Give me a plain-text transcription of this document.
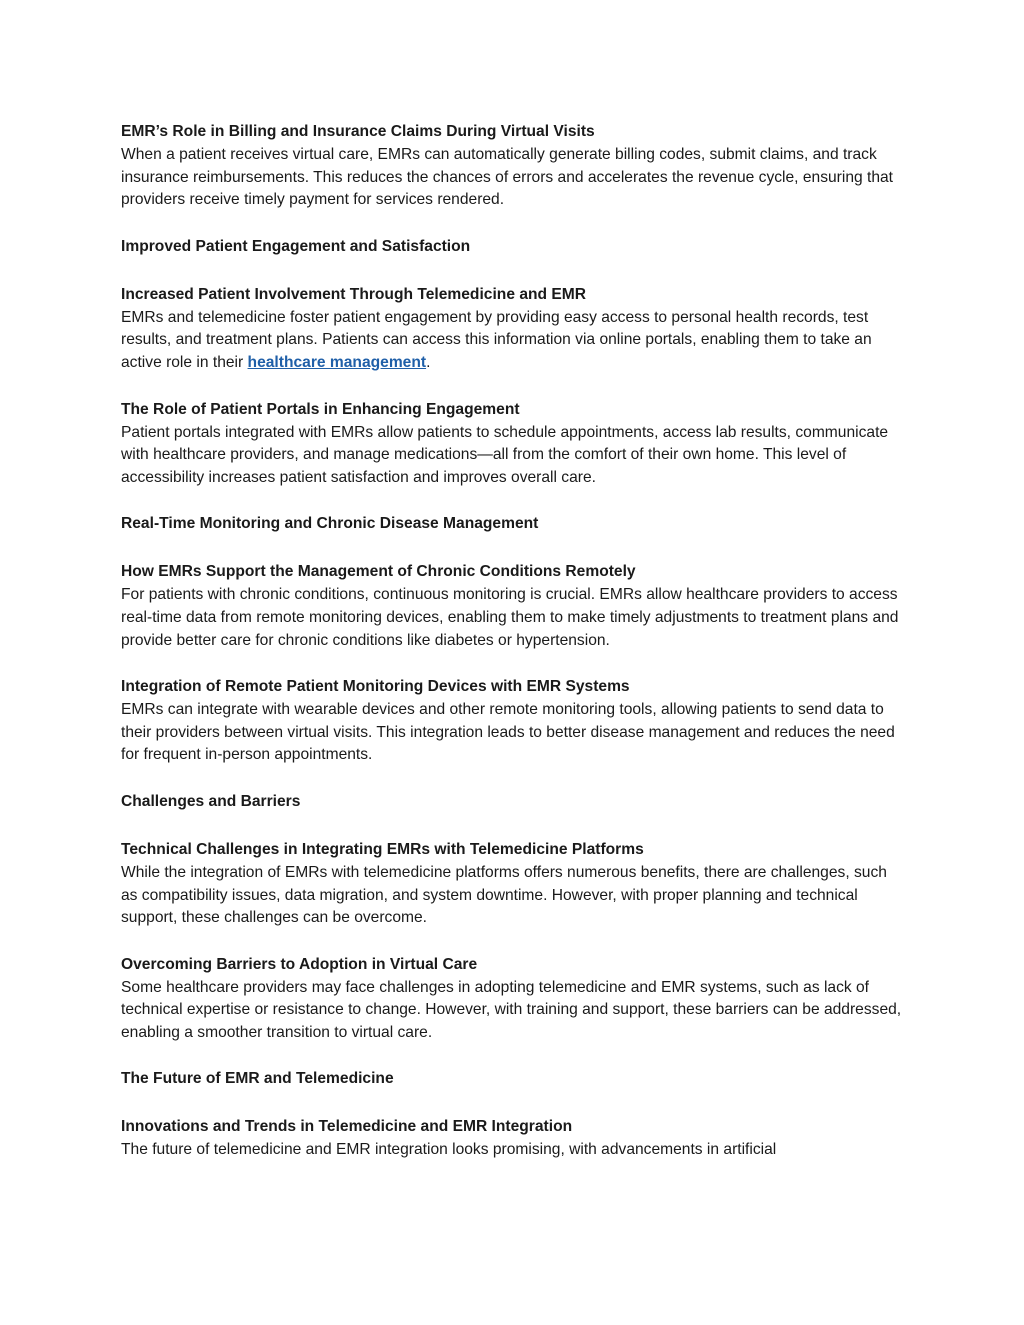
EMR’s Role in Billing and Insurance Claims During Virtual Visits
When a patient receives virtual care, EMRs can automatically generate billing codes, submit claims, and track insurance reimbursements. This reduces the chances of errors and accelerates the revenue cycle, ensuring that providers receive timely payment for services rendered.
Improved Patient Engagement and Satisfaction
Increased Patient Involvement Through Telemedicine and EMR
EMRs and telemedicine foster patient engagement by providing easy access to personal health records, test results, and treatment plans. Patients can access this information via online portals, enabling them to take an active role in their healthcare management.
The Role of Patient Portals in Enhancing Engagement
Patient portals integrated with EMRs allow patients to schedule appointments, access lab results, communicate with healthcare providers, and manage medications—all from the comfort of their own home. This level of accessibility increases patient satisfaction and improves overall care.
Real-Time Monitoring and Chronic Disease Management
How EMRs Support the Management of Chronic Conditions Remotely
For patients with chronic conditions, continuous monitoring is crucial. EMRs allow healthcare providers to access real-time data from remote monitoring devices, enabling them to make timely adjustments to treatment plans and provide better care for chronic conditions like diabetes or hypertension.
Integration of Remote Patient Monitoring Devices with EMR Systems
EMRs can integrate with wearable devices and other remote monitoring tools, allowing patients to send data to their providers between virtual visits. This integration leads to better disease management and reduces the need for frequent in-person appointments.
Challenges and Barriers
Technical Challenges in Integrating EMRs with Telemedicine Platforms
While the integration of EMRs with telemedicine platforms offers numerous benefits, there are challenges, such as compatibility issues, data migration, and system downtime. However, with proper planning and technical support, these challenges can be overcome.
Overcoming Barriers to Adoption in Virtual Care
Some healthcare providers may face challenges in adopting telemedicine and EMR systems, such as lack of technical expertise or resistance to change. However, with training and support, these barriers can be addressed, enabling a smoother transition to virtual care.
The Future of EMR and Telemedicine
Innovations and Trends in Telemedicine and EMR Integration
The future of telemedicine and EMR integration looks promising, with advancements in artificial
